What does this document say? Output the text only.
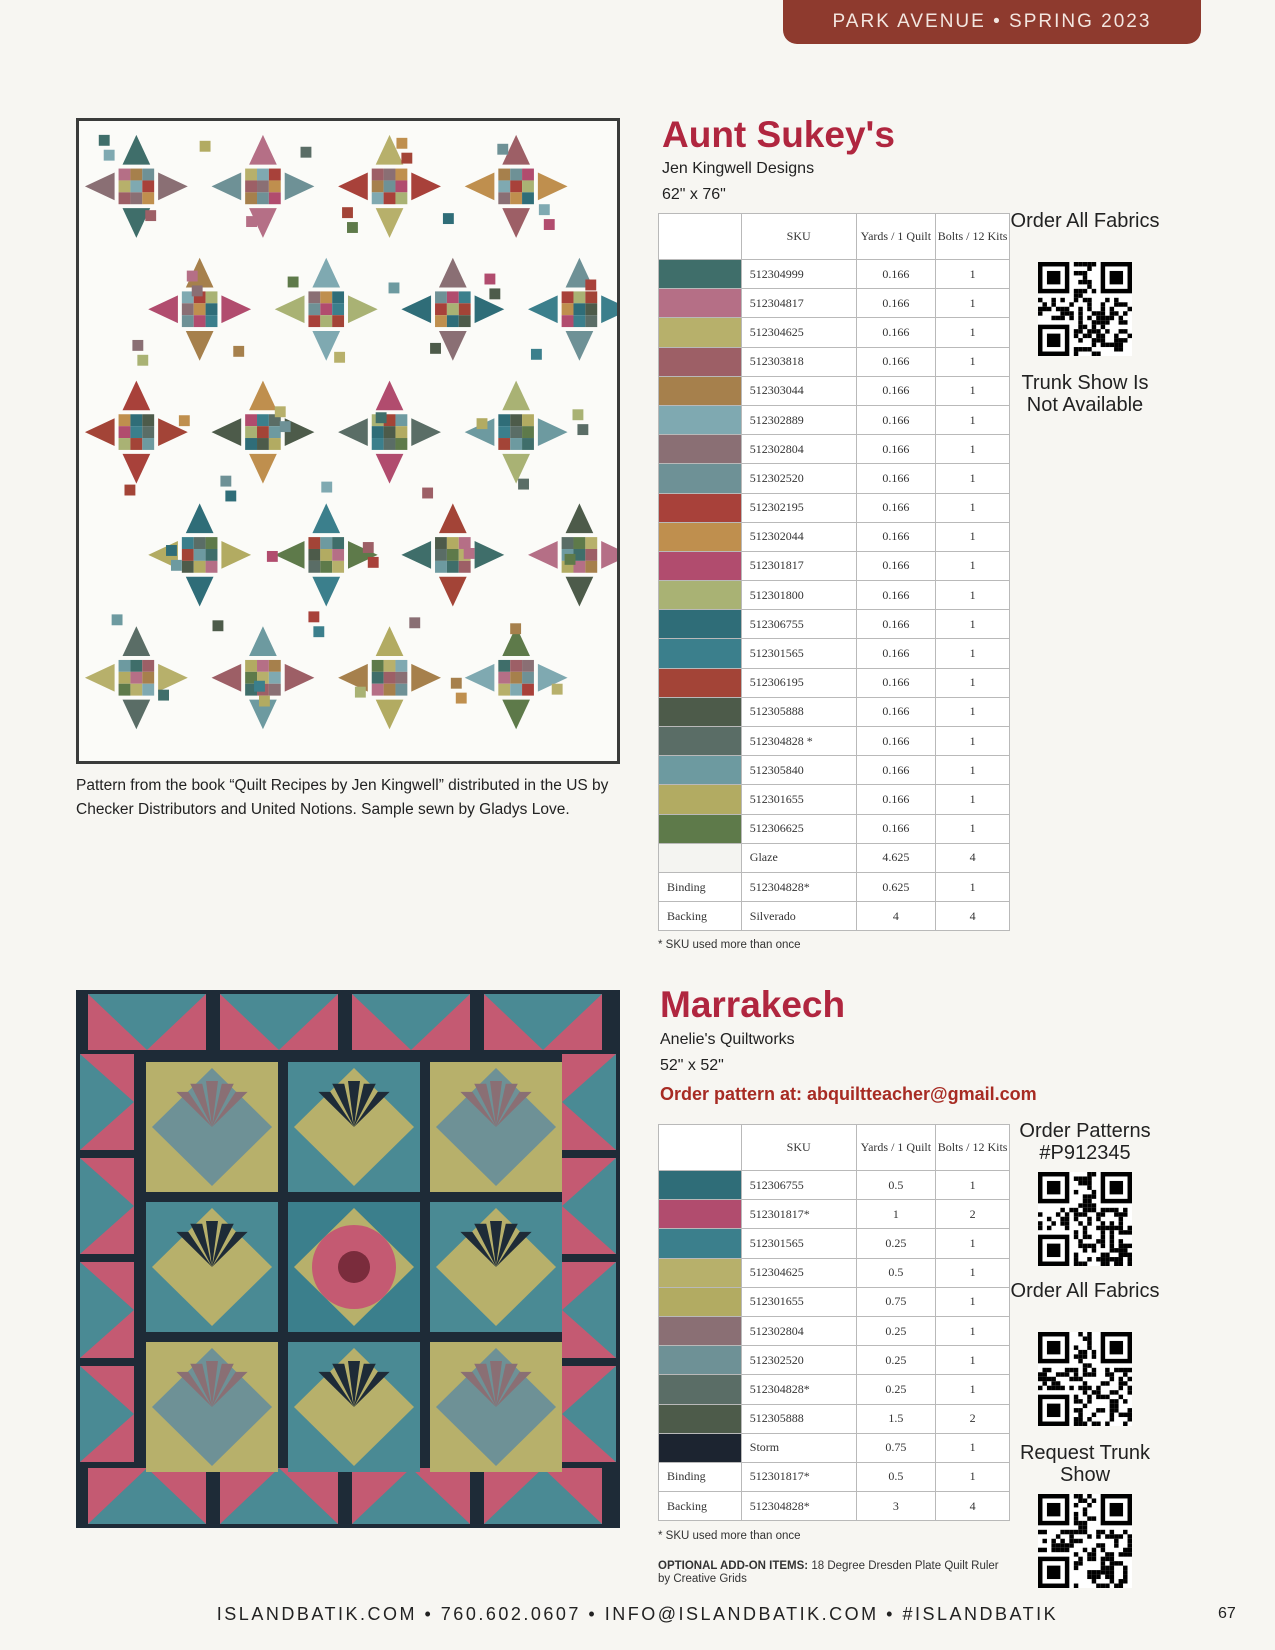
PARK AVENUE • SPRING 2023
Pattern from the book “Quilt Recipes by Jen Kingwell” distributed in the US by Checker Distributors and United Notions. Sample sewn by Gladys Love.
Aunt Sukey's
Jen Kingwell Designs
62" x 76"
	SKU	Yards / 1 Quilt	Bolts / 12 Kits
	512304999	0.166	1
	512304817	0.166	1
	512304625	0.166	1
	512303818	0.166	1
	512303044	0.166	1
	512302889	0.166	1
	512302804	0.166	1
	512302520	0.166	1
	512302195	0.166	1
	512302044	0.166	1
	512301817	0.166	1
	512301800	0.166	1
	512306755	0.166	1
	512301565	0.166	1
	512306195	0.166	1
	512305888	0.166	1
	512304828 *	0.166	1
	512305840	0.166	1
	512301655	0.166	1
	512306625	0.166	1
	Glaze	4.625	4
Binding	512304828*	0.625	1
Backing	Silverado	4	4
* SKU used more than once
Order All Fabrics
Trunk Show Is Not Available
Marrakech
Anelie's Quiltworks
52" x 52"
Order pattern at: abquiltteacher@gmail.com
	SKU	Yards / 1 Quilt	Bolts / 12 Kits
	512306755	0.5	1
	512301817*	1	2
	512301565	0.25	1
	512304625	0.5	1
	512301655	0.75	1
	512302804	0.25	1
	512302520	0.25	1
	512304828*	0.25	1
	512305888	1.5	2
	Storm	0.75	1
Binding	512301817*	0.5	1
Backing	512304828*	3	4
* SKU used more than once
OPTIONAL ADD-ON ITEMS: 18 Degree Dresden Plate Quilt Ruler by Creative Grids
Order Patterns #P912345
Order All Fabrics
Request Trunk Show
ISLANDBATIK.COM • 760.602.0607 • INFO@ISLANDBATIK.COM • #ISLANDBATIK	67
